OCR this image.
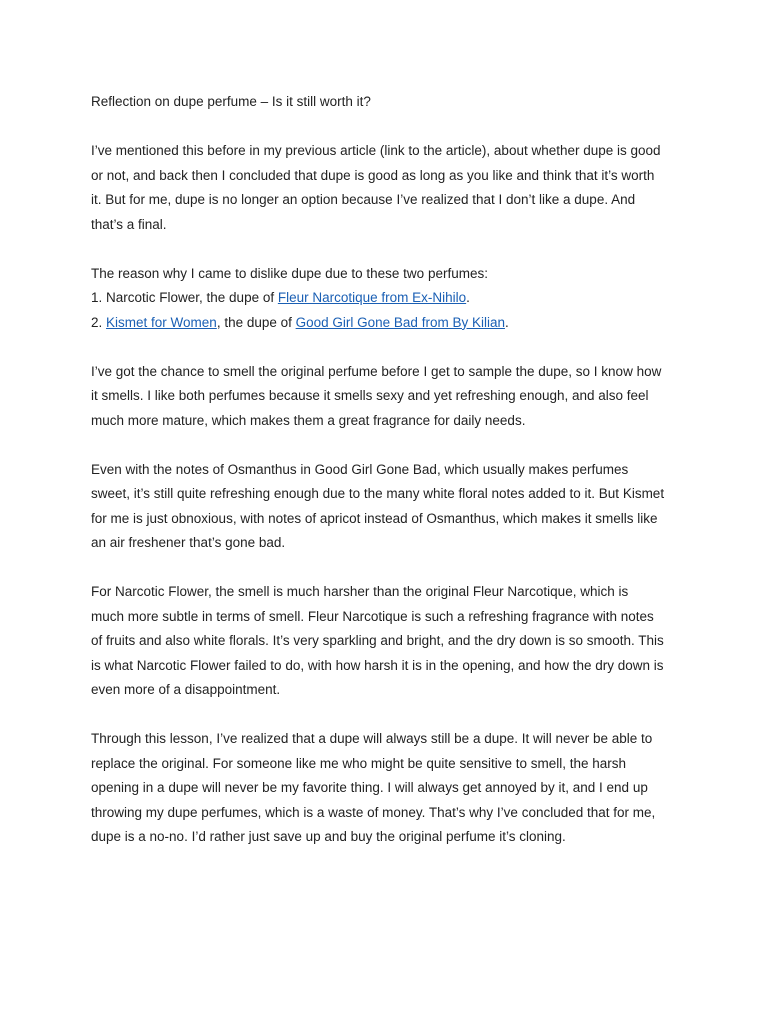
Reflection on dupe perfume – Is it still worth it?
I’ve mentioned this before in my previous article (link to the article), about whether dupe is good
or not, and back then I concluded that dupe is good as long as you like and think that it’s worth
it. But for me, dupe is no longer an option because I’ve realized that I don’t like a dupe. And
that’s a final.
The reason why I came to dislike dupe due to these two perfumes:
1. Narcotic Flower, the dupe of Fleur Narcotique from Ex-Nihilo.
2. Kismet for Women, the dupe of Good Girl Gone Bad from By Kilian.
I’ve got the chance to smell the original perfume before I get to sample the dupe, so I know how
it smells. I like both perfumes because it smells sexy and yet refreshing enough, and also feel
much more mature, which makes them a great fragrance for daily needs.
Even with the notes of Osmanthus in Good Girl Gone Bad, which usually makes perfumes
sweet, it’s still quite refreshing enough due to the many white floral notes added to it. But Kismet
for me is just obnoxious, with notes of apricot instead of Osmanthus, which makes it smells like
an air freshener that’s gone bad.
For Narcotic Flower, the smell is much harsher than the original Fleur Narcotique, which is
much more subtle in terms of smell. Fleur Narcotique is such a refreshing fragrance with notes
of fruits and also white florals. It’s very sparkling and bright, and the dry down is so smooth. This
is what Narcotic Flower failed to do, with how harsh it is in the opening, and how the dry down is
even more of a disappointment.
Through this lesson, I’ve realized that a dupe will always still be a dupe. It will never be able to
replace the original. For someone like me who might be quite sensitive to smell, the harsh
opening in a dupe will never be my favorite thing. I will always get annoyed by it, and I end up
throwing my dupe perfumes, which is a waste of money. That’s why I’ve concluded that for me,
dupe is a no-no. I’d rather just save up and buy the original perfume it’s cloning.
